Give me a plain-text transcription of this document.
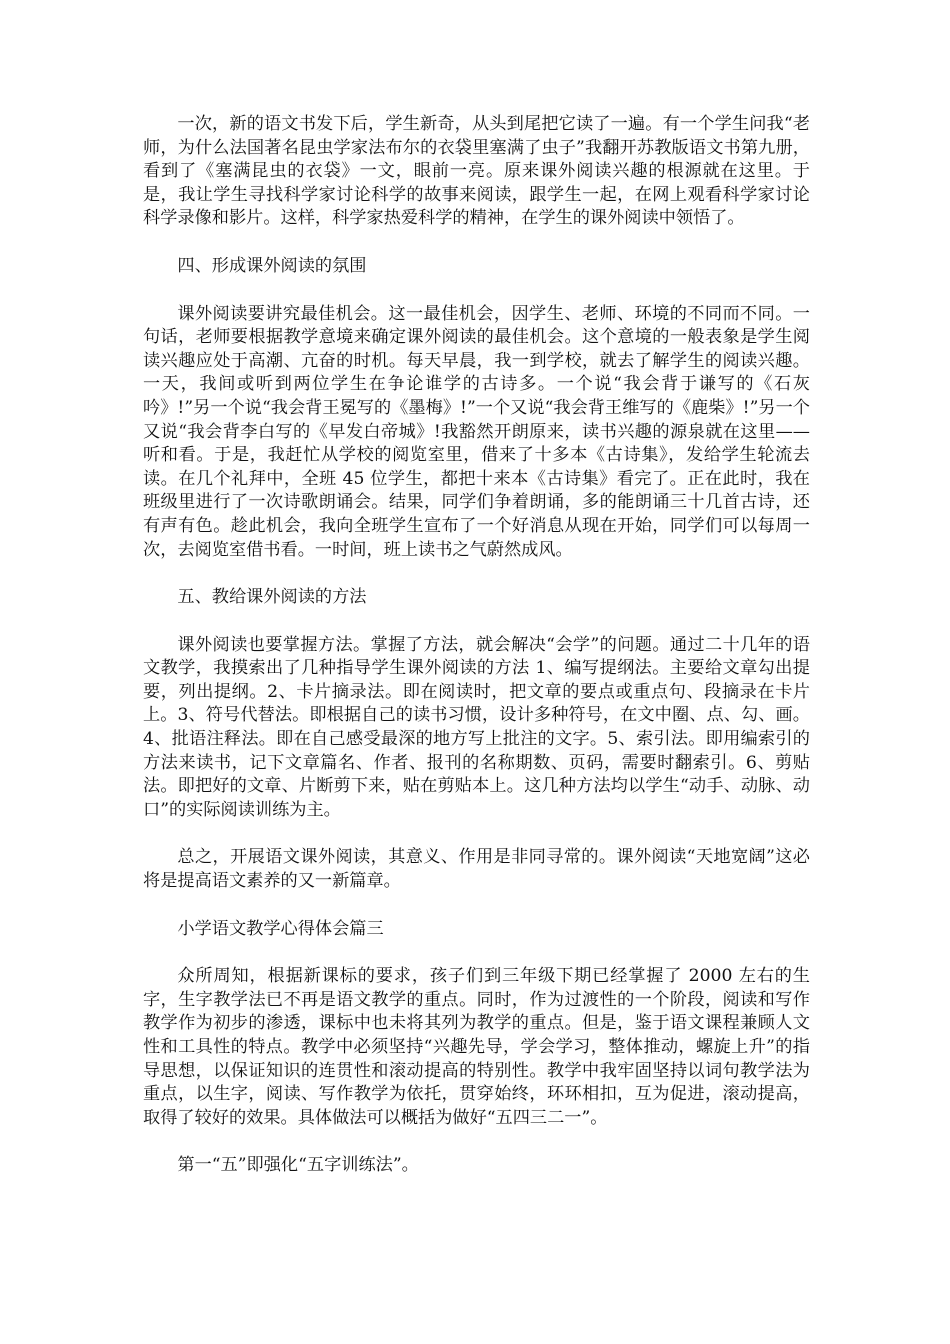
一次，新的语文书发下后，学生新奇，从头到尾把它读了一遍。有一个学生问我“老师，为什么法国著名昆虫学家法布尔的衣袋里塞满了虫子”我翻开苏教版语文书第九册，看到了《塞满昆虫的衣袋》一文，眼前一亮。原来课外阅读兴趣的根源就在这里。于是，我让学生寻找科学家讨论科学的故事来阅读，跟学生一起，在网上观看科学家讨论科学录像和影片。这样，科学家热爱科学的精神，在学生的课外阅读中领悟了。

四、形成课外阅读的氛围

课外阅读要讲究最佳机会。这一最佳机会，因学生、老师、环境的不同而不同。一句话，老师要根据教学意境来确定课外阅读的最佳机会。这个意境的一般表象是学生阅读兴趣应处于高潮、亢奋的时机。每天早晨，我一到学校，就去了解学生的阅读兴趣。一天，我间或听到两位学生在争论谁学的古诗多。一个说“我会背于谦写的《石灰吟》!”另一个说“我会背王冕写的《墨梅》!”一个又说“我会背王维写的《鹿柴》!”另一个又说“我会背李白写的《早发白帝城》!我豁然开朗原来，读书兴趣的源泉就在这里——听和看。于是，我赶忙从学校的阅览室里，借来了十多本《古诗集》，发给学生轮流去读。在几个礼拜中，全班 45 位学生，都把十来本《古诗集》看完了。正在此时，我在班级里进行了一次诗歌朗诵会。结果，同学们争着朗诵，多的能朗诵三十几首古诗，还有声有色。趁此机会，我向全班学生宣布了一个好消息从现在开始，同学们可以每周一次，去阅览室借书看。一时间，班上读书之气蔚然成风。

五、教给课外阅读的方法

课外阅读也要掌握方法。掌握了方法，就会解决“会学”的问题。通过二十几年的语文教学，我摸索出了几种指导学生课外阅读的方法 1、编写提纲法。主要给文章勾出提要，列出提纲。2、卡片摘录法。即在阅读时，把文章的要点或重点句、段摘录在卡片上。3、符号代替法。即根据自己的读书习惯，设计多种符号，在文中圈、点、勾、画。4、批语注释法。即在自己感受最深的地方写上批注的文字。5、索引法。即用编索引的方法来读书，记下文章篇名、作者、报刊的名称期数、页码，需要时翻索引。6、剪贴法。即把好的文章、片断剪下来，贴在剪贴本上。这几种方法均以学生“动手、动脉、动口”的实际阅读训练为主。

总之，开展语文课外阅读，其意义、作用是非同寻常的。课外阅读“天地宽阔”这必将是提高语文素养的又一新篇章。

小学语文教学心得体会篇三

众所周知，根据新课标的要求，孩子们到三年级下期已经掌握了 2000 左右的生字，生字教学法已不再是语文教学的重点。同时，作为过渡性的一个阶段，阅读和写作教学作为初步的渗透，课标中也未将其列为教学的重点。但是，鉴于语文课程兼顾人文性和工具性的特点。教学中必须坚持“兴趣先导，学会学习，整体推动，螺旋上升”的指导思想，以保证知识的连贯性和滚动提高的特别性。教学中我牢固坚持以词句教学法为重点，以生字，阅读、写作教学为依托，贯穿始终，环环相扣，互为促进，滚动提高，取得了较好的效果。具体做法可以概括为做好“五四三二一”。

第一“五”即强化“五字训练法”。
